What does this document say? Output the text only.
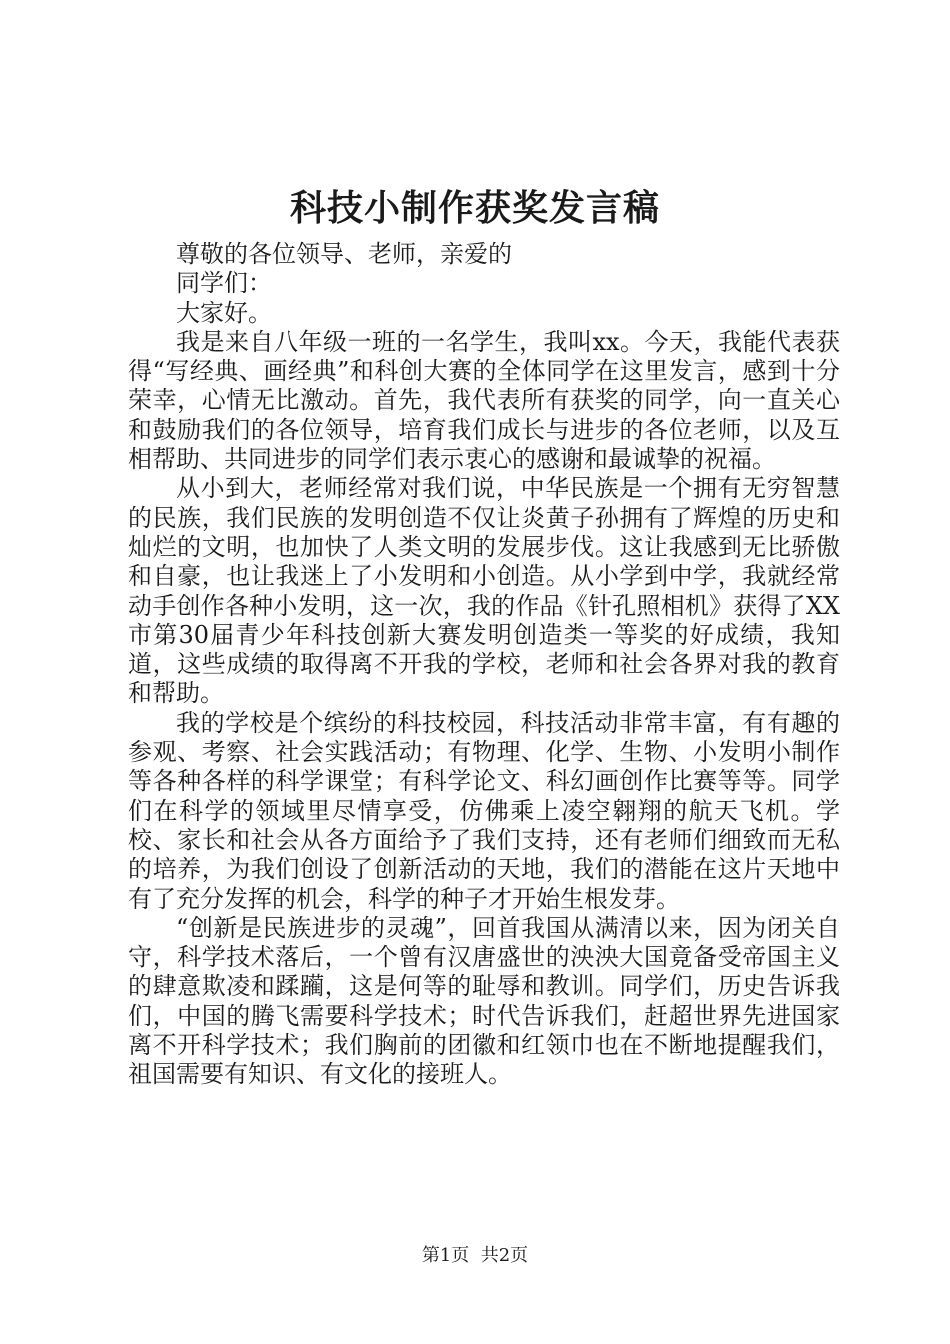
科技小制作获奖发言稿

尊敬的各位领导、老师，亲爱的

同学们：

大家好。

我是来自八年级一班的一名学生，我叫xx。今天，我能代表获得“写经典、画经典”和科创大赛的全体同学在这里发言，感到十分荣幸，心情无比激动。首先，我代表所有获奖的同学，向一直关心和鼓励我们的各位领导，培育我们成长与进步的各位老师，以及互相帮助、共同进步的同学们表示衷心的感谢和最诚挚的祝福。

从小到大，老师经常对我们说，中华民族是一个拥有无穷智慧的民族，我们民族的发明创造不仅让炎黄子孙拥有了辉煌的历史和灿烂的文明，也加快了人类文明的发展步伐。这让我感到无比骄傲和自豪，也让我迷上了小发明和小创造。从小学到中学，我就经常动手创作各种小发明，这一次，我的作品《针孔照相机》获得了XX市第30届青少年科技创新大赛发明创造类一等奖的好成绩，我知道，这些成绩的取得离不开我的学校，老师和社会各界对我的教育和帮助。

我的学校是个缤纷的科技校园，科技活动非常丰富，有有趣的参观、考察、社会实践活动；有物理、化学、生物、小发明小制作等各种各样的科学课堂；有科学论文、科幻画创作比赛等等。同学们在科学的领域里尽情享受，仿佛乘上凌空翱翔的航天飞机。学校、家长和社会从各方面给予了我们支持，还有老师们细致而无私的培养，为我们创设了创新活动的天地，我们的潜能在这片天地中有了充分发挥的机会，科学的种子才开始生根发芽。

“创新是民族进步的灵魂”，回首我国从满清以来，因为闭关自守，科学技术落后，一个曾有汉唐盛世的泱泱大国竟备受帝国主义的肆意欺凌和蹂躏，这是何等的耻辱和教训。同学们，历史告诉我们，中国的腾飞需要科学技术；时代告诉我们，赶超世界先进国家离不开科学技术；我们胸前的团徽和红领巾也在不断地提醒我们，祖国需要有知识、有文化的接班人。

第1页 共2页
